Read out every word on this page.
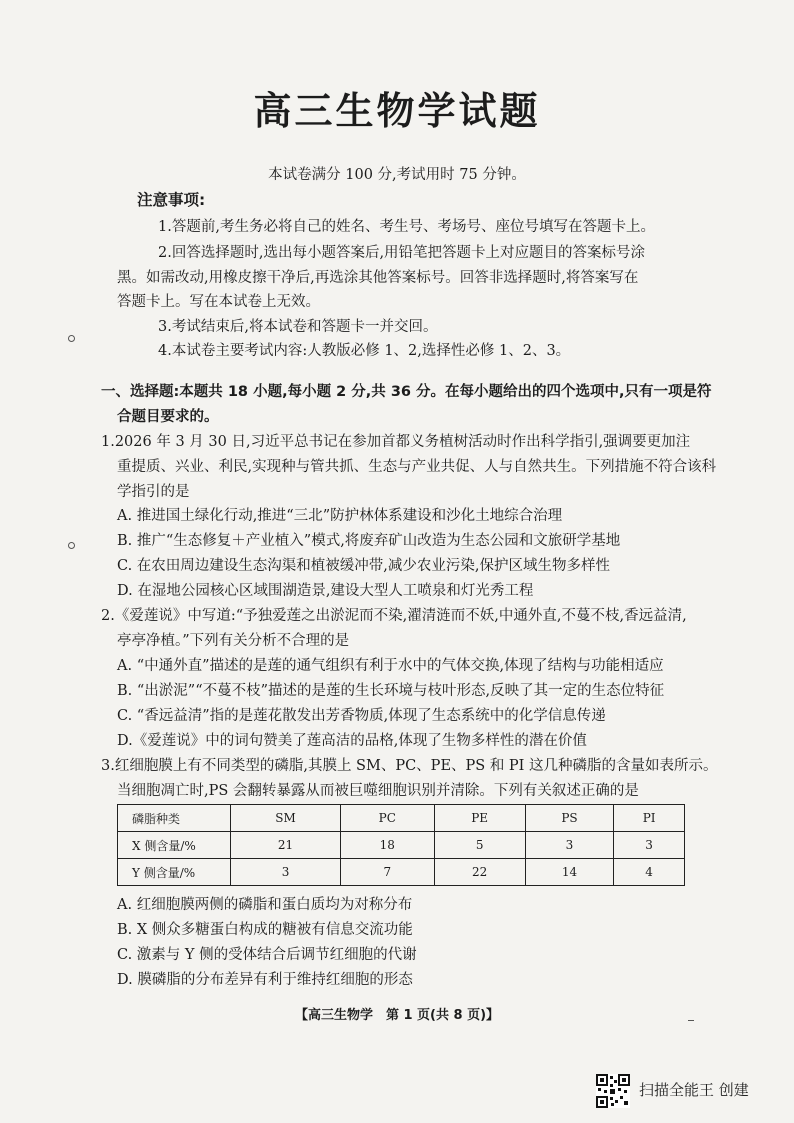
高三生物学试题
本试卷满分 100 分,考试用时 75 分钟。
注意事项:
1.答题前,考生务必将自己的姓名、考生号、考场号、座位号填写在答题卡上。
2.回答选择题时,选出每小题答案后,用铅笔把答题卡上对应题目的答案标号涂
黑。如需改动,用橡皮擦干净后,再选涂其他答案标号。回答非选择题时,将答案写在
答题卡上。写在本试卷上无效。
3.考试结束后,将本试卷和答题卡一并交回。
4.本试卷主要考试内容:人教版必修 1、2,选择性必修 1、2、3。
一、选择题:本题共 18 小题,每小题 2 分,共 36 分。在每小题给出的四个选项中,只有一项是符
合题目要求的。
1.2026 年 3 月 30 日,习近平总书记在参加首都义务植树活动时作出科学指引,强调要更加注
重提质、兴业、利民,实现种与管共抓、生态与产业共促、人与自然共生。下列措施不符合该科
学指引的是
A. 推进国土绿化行动,推进“三北”防护林体系建设和沙化土地综合治理
B. 推广“生态修复＋产业植入”模式,将废弃矿山改造为生态公园和文旅研学基地
C. 在农田周边建设生态沟渠和植被缓冲带,减少农业污染,保护区域生物多样性
D. 在湿地公园核心区域围湖造景,建设大型人工喷泉和灯光秀工程
2.《爱莲说》中写道:“予独爱莲之出淤泥而不染,濯清涟而不妖,中通外直,不蔓不枝,香远益清,
亭亭净植。”下列有关分析不合理的是
A. “中通外直”描述的是莲的通气组织有利于水中的气体交换,体现了结构与功能相适应
B. “出淤泥”“不蔓不枝”描述的是莲的生长环境与枝叶形态,反映了其一定的生态位特征
C. “香远益清”指的是莲花散发出芳香物质,体现了生态系统中的化学信息传递
D.《爱莲说》中的词句赞美了莲高洁的品格,体现了生物多样性的潜在价值
3.红细胞膜上有不同类型的磷脂,其膜上 SM、PC、PE、PS 和 PI 这几种磷脂的含量如表所示。
当细胞凋亡时,PS 会翻转暴露从而被巨噬细胞识别并清除。下列有关叙述正确的是
磷脂种类	SM	PC	PE	PS	PI
X 侧含量/%	21	18	5	3	3
Y 侧含量/%	3	7	22	14	4
A. 红细胞膜两侧的磷脂和蛋白质均为对称分布
B. X 侧众多糖蛋白构成的糖被有信息交流功能
C. 激素与 Y 侧的受体结合后调节红细胞的代谢
D. 膜磷脂的分布差异有利于维持红细胞的形态
【高三生物学　第 1 页(共 8 页)】
扫描全能王 创建
